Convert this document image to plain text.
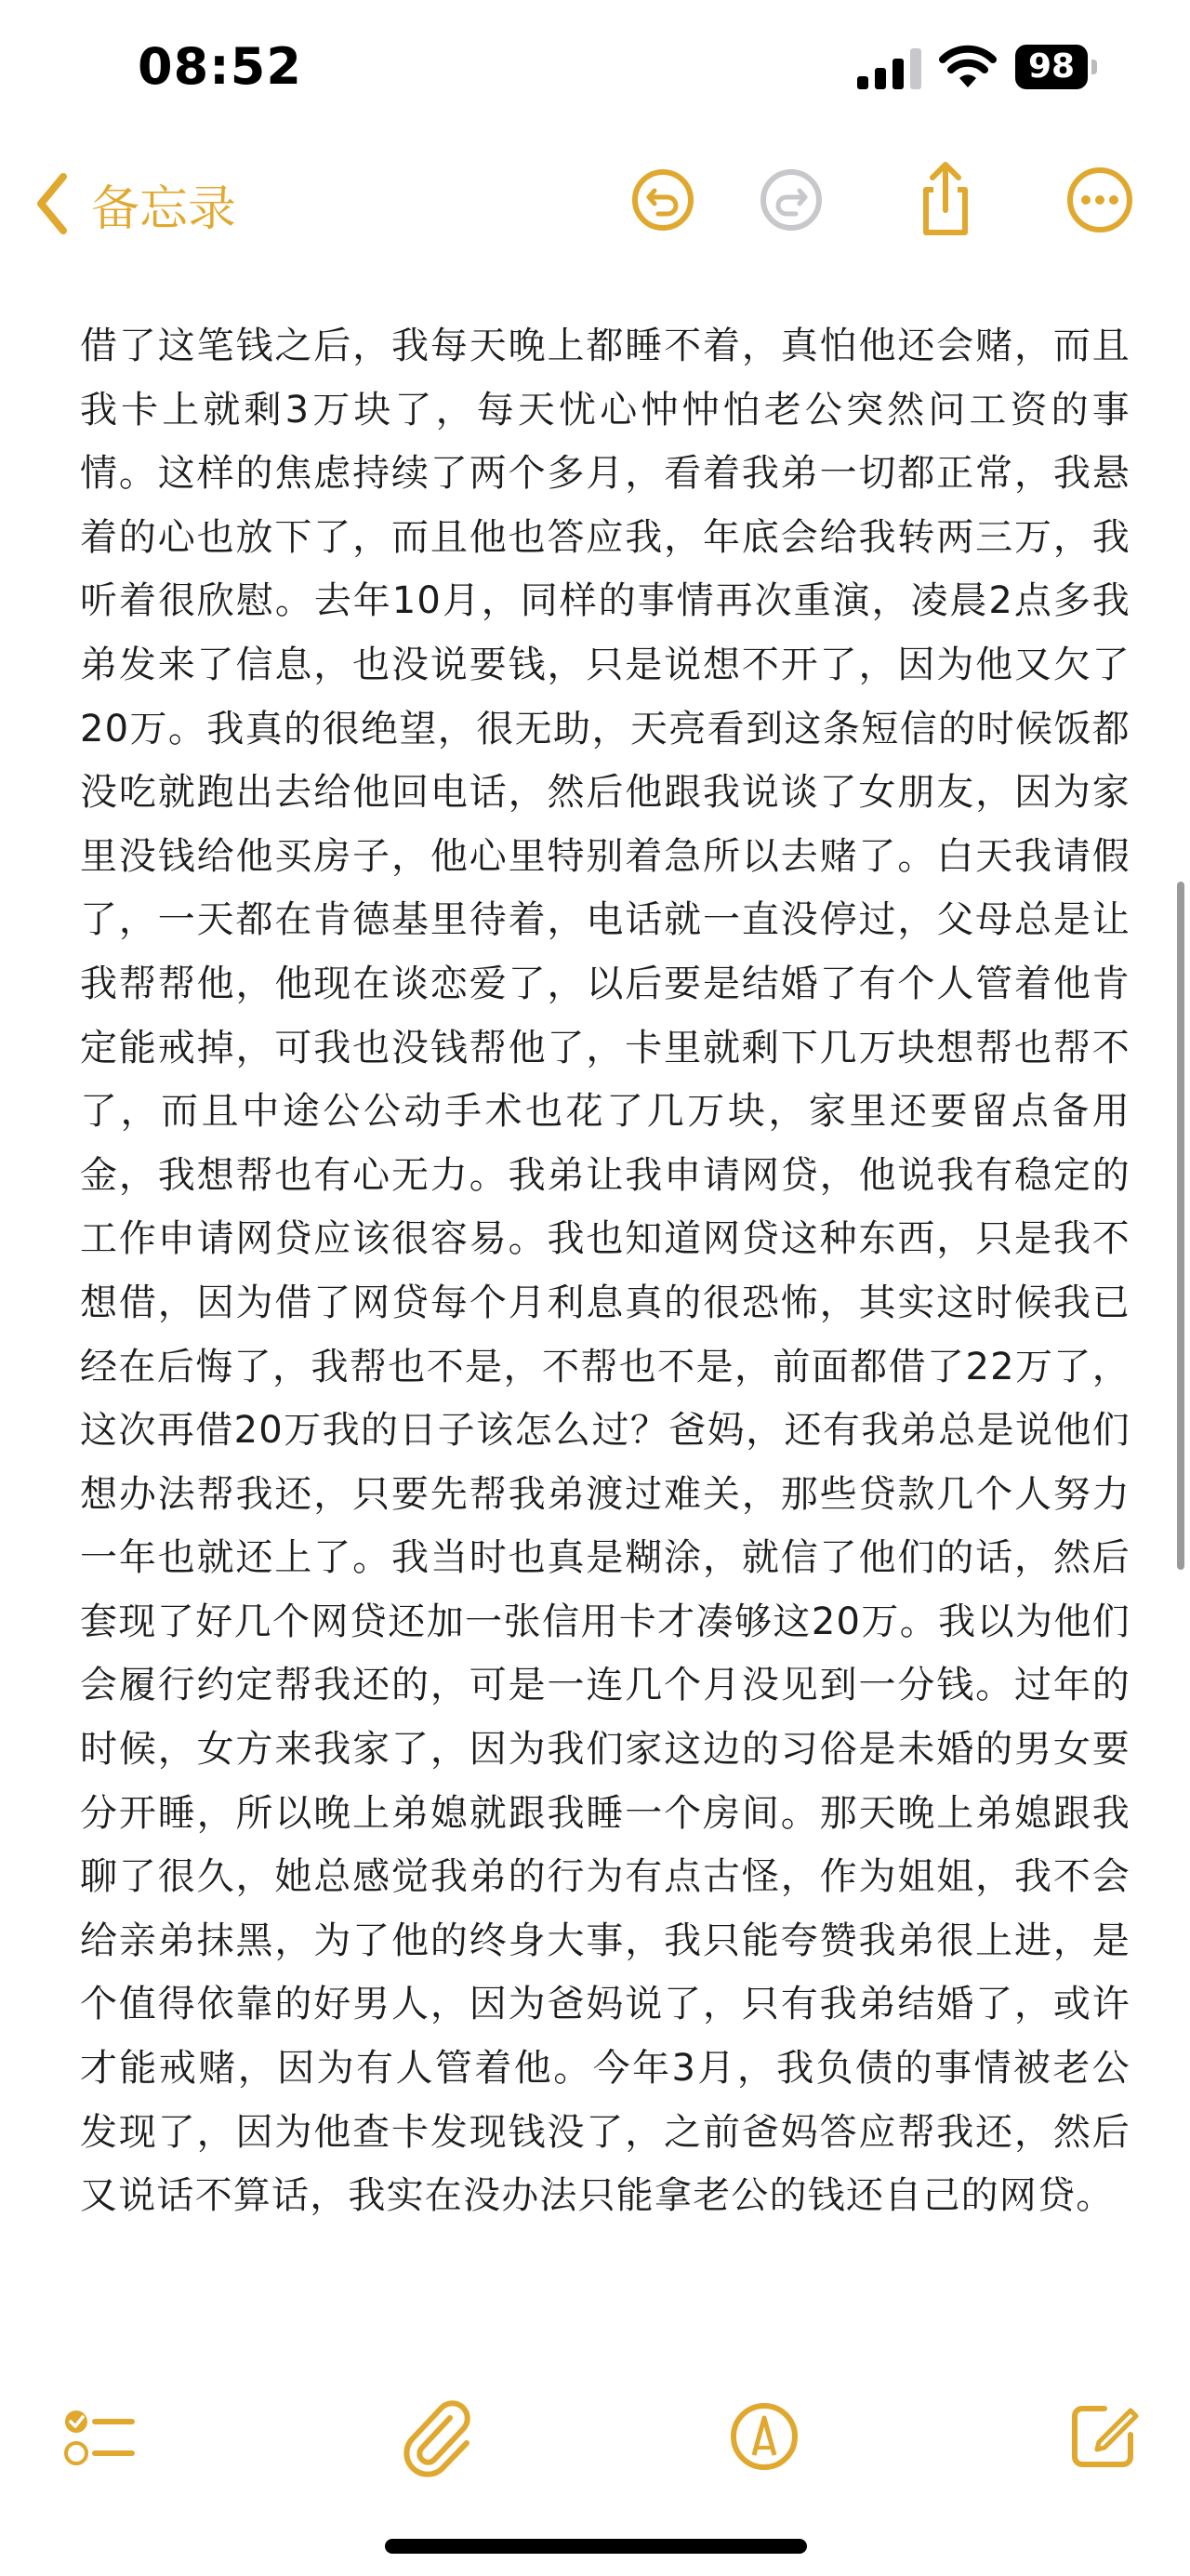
08:52	98
备忘录

借了这笔钱之后，我每天晚上都睡不着，真怕他还会赌，而且我卡上就剩3万块了，每天忧心忡忡怕老公突然问工资的事情。这样的焦虑持续了两个多月，看着我弟一切都正常，我悬着的心也放下了，而且他也答应我，年底会给我转两三万，我听着很欣慰。去年10月，同样的事情再次重演，凌晨2点多我弟发来了信息，也没说要钱，只是说想不开了，因为他又欠了20万。我真的很绝望，很无助，天亮看到这条短信的时候饭都没吃就跑出去给他回电话，然后他跟我说谈了女朋友，因为家里没钱给他买房子，他心里特别着急所以去赌了。白天我请假了，一天都在肯德基里待着，电话就一直没停过，父母总是让我帮帮他，他现在谈恋爱了，以后要是结婚了有个人管着他肯定能戒掉，可我也没钱帮他了，卡里就剩下几万块想帮也帮不了，而且中途公公动手术也花了几万块，家里还要留点备用金，我想帮也有心无力。我弟让我申请网贷，他说我有稳定的工作申请网贷应该很容易。我也知道网贷这种东西，只是我不想借，因为借了网贷每个月利息真的很恐怖，其实这时候我已经在后悔了，我帮也不是，不帮也不是，前面都借了22万了，这次再借20万我的日子该怎么过？爸妈，还有我弟总是说他们想办法帮我还，只要先帮我弟渡过难关，那些贷款几个人努力一年也就还上了。我当时也真是糊涂，就信了他们的话，然后套现了好几个网贷还加一张信用卡才凑够这20万。我以为他们会履行约定帮我还的，可是一连几个月没见到一分钱。过年的时候，女方来我家了，因为我们家这边的习俗是未婚的男女要分开睡，所以晚上弟媳就跟我睡一个房间。那天晚上弟媳跟我聊了很久，她总感觉我弟的行为有点古怪，作为姐姐，我不会给亲弟抹黑，为了他的终身大事，我只能夸赞我弟很上进，是个值得依靠的好男人，因为爸妈说了，只有我弟结婚了，或许才能戒赌，因为有人管着他。今年3月，我负债的事情被老公发现了，因为他查卡发现钱没了，之前爸妈答应帮我还，然后又说话不算话，我实在没办法只能拿老公的钱还自己的网贷。
